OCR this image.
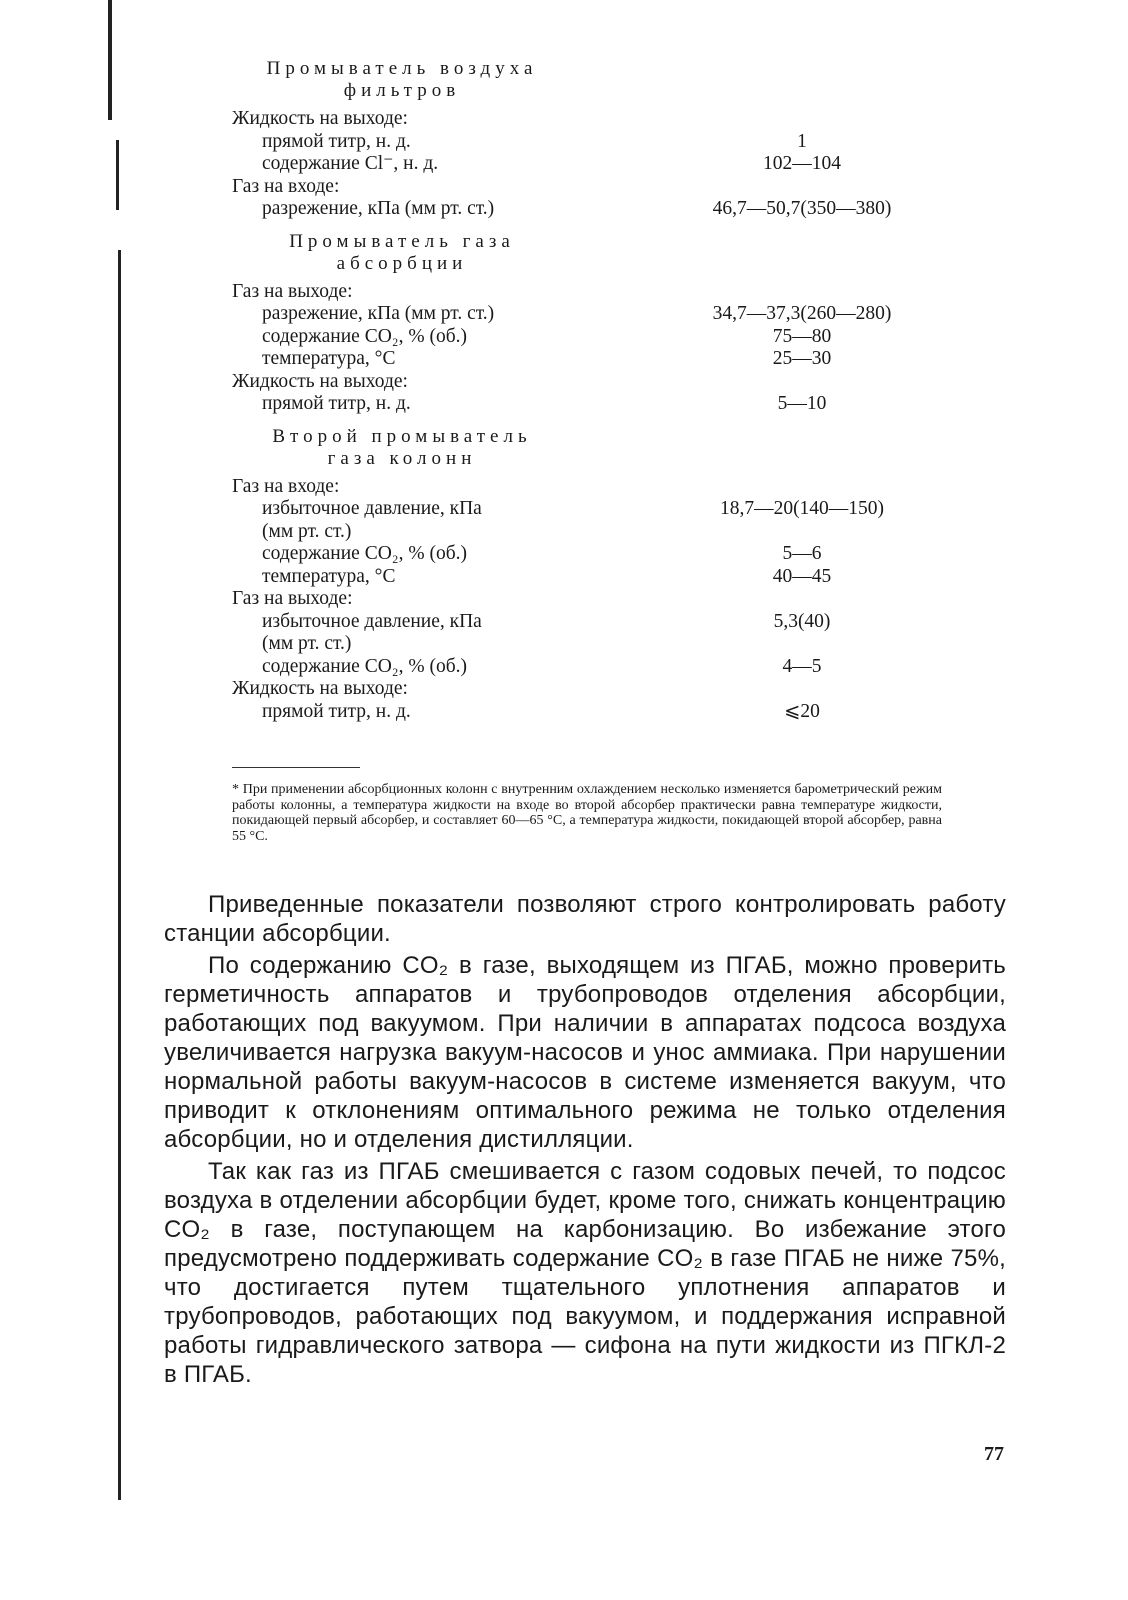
Промыватель воздуха
фильтров
Жидкость на выходе:
прямой титр, н. д.	1
содержание Cl⁻, н. д.	102—104
Газ на входе:
разрежение, кПа (мм рт. ст.)	46,7—50,7(350—380)
Промыватель газа
абсорбции
Газ на выходе:
разрежение, кПа (мм рт. ст.)	34,7—37,3(260—280)
содержание CO₂, % (об.)	75—80
температура, °С	25—30
Жидкость на выходе:
прямой титр, н. д.	5—10
Второй промыватель
газа колонн
Газ на входе:
избыточное давление, кПа	18,7—20(140—150)
(мм рт. ст.)
содержание CO₂, % (об.)	5—6
температура, °С	40—45
Газ на выходе:
избыточное давление, кПа	5,3(40)
(мм рт. ст.)
содержание CO₂, % (об.)	4—5
Жидкость на выходе:
прямой титр, н. д.	⩽20
* При применении абсорбционных колонн с внутренним охлаждением несколько изменяется барометрический режим работы колонны, а температура жидкости на входе во второй абсорбер практически равна температуре жидкости, покидающей первый абсорбер, и составляет 60—65 °С, а температура жидкости, покидающей второй абсорбер, равна 55 °С.

Приведенные показатели позволяют строго контролировать работу станции абсорбции.

По содержанию CO₂ в газе, выходящем из ПГАБ, можно проверить герметичность аппаратов и трубопроводов отделения абсорбции, работающих под вакуумом. При наличии в аппаратах подсоса воздуха увеличивается нагрузка вакуум-насосов и унос аммиака. При нарушении нормальной работы вакуум-насосов в системе изменяется вакуум, что приводит к отклонениям оптимального режима не только отделения абсорбции, но и отделения дистилляции.

Так как газ из ПГАБ смешивается с газом содовых печей, то подсос воздуха в отделении абсорбции будет, кроме того, снижать концентрацию CO₂ в газе, поступающем на карбонизацию. Во избежание этого предусмотрено поддерживать содержание CO₂ в газе ПГАБ не ниже 75%, что достигается путем тщательного уплотнения аппаратов и трубопроводов, работающих под вакуумом, и поддержания исправной работы гидравлического затвора — сифона на пути жидкости из ПГКЛ-2 в ПГАБ.

77
